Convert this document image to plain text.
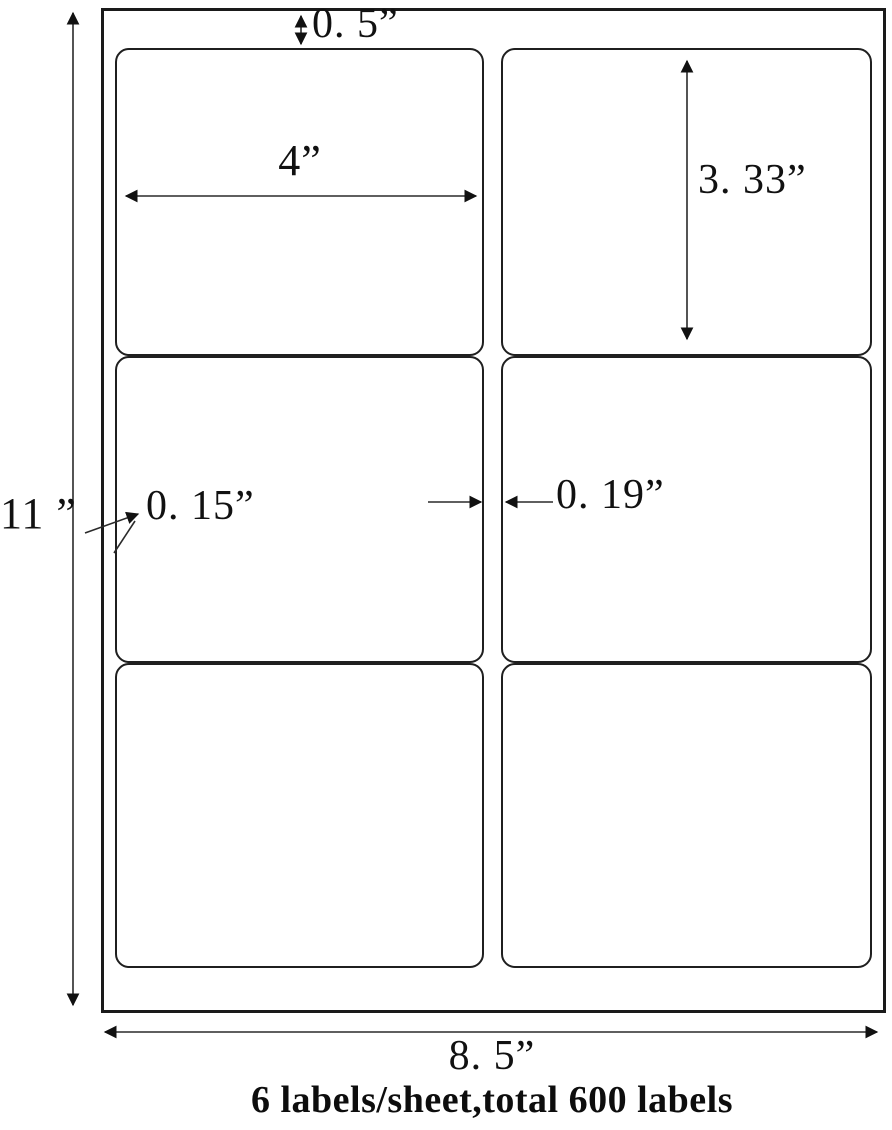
0. 5”
4”	3. 33”
0. 15”	0. 19”
11 ”
8. 5”
6 labels/sheet,total 600 labels
